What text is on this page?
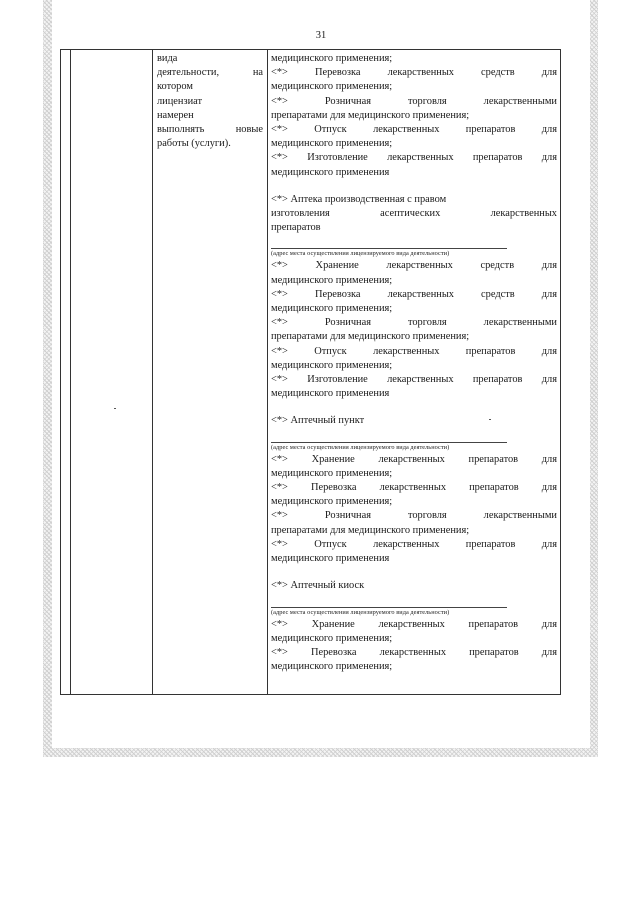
31
вида
деятельности, на
котором
лицензиат
намерен
выполнять новые
работы (услуги).
медицинского применения;
<*> Перевозка лекарственных средств для
медицинского применения;
<*> Розничная торговля лекарственными
препаратами для медицинского применения;
<*> Отпуск лекарственных препаратов для
медицинского применения;
<*> Изготовление лекарственных препаратов для
медицинского применения
<*> Аптека производственная с правом
изготовления асептических лекарственных
препаратов
(адрес места осуществления лицензируемого вида деятельности)
<*> Хранение лекарственных средств для
медицинского применения;
<*> Перевозка лекарственных средств для
медицинского применения;
<*> Розничная торговля лекарственными
препаратами для медицинского применения;
<*> Отпуск лекарственных препаратов для
медицинского применения;
<*> Изготовление лекарственных препаратов для
медицинского применения
<*> Аптечный пункт
(адрес места осуществления лицензируемого вида деятельности)
<*> Хранение лекарственных препаратов для
медицинского применения;
<*> Перевозка лекарственных препаратов для
медицинского применения;
<*> Розничная торговля лекарственными
препаратами для медицинского применения;
<*> Отпуск лекарственных препаратов для
медицинского применения
<*> Аптечный киоск
(адрес места осуществления лицензируемого вида деятельности)
<*> Хранение лекарственных препаратов для
медицинского применения;
<*> Перевозка лекарственных препаратов для
медицинского применения;
